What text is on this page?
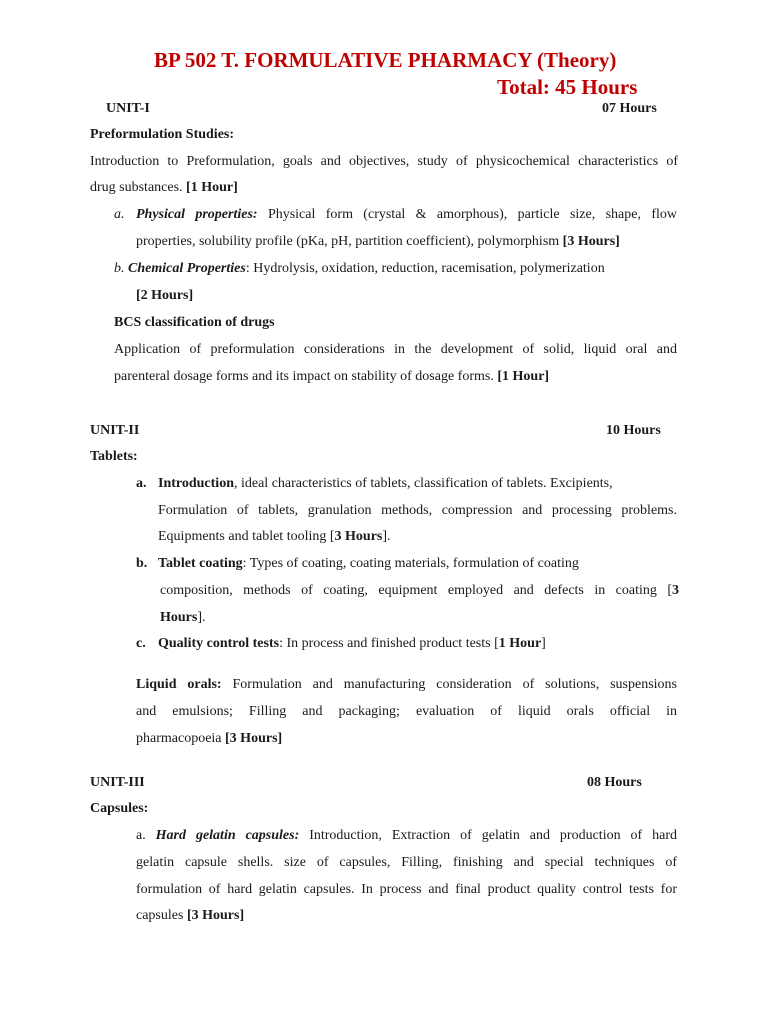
BP 502 T. FORMULATIVE PHARMACY (Theory)
Total: 45 Hours
UNIT-I	07 Hours
Preformulation Studies:
Introduction to Preformulation, goals and objectives, study of physicochemical characteristics of
drug substances. [1 Hour]
a. Physical properties: Physical form (crystal & amorphous), particle size, shape, flow
properties, solubility profile (pKa, pH, partition coefficient), polymorphism [3 Hours]
b. Chemical Properties: Hydrolysis, oxidation, reduction, racemisation, polymerization
[2 Hours]
BCS classification of drugs
Application of preformulation considerations in the development of solid, liquid oral and
parenteral dosage forms and its impact on stability of dosage forms. [1 Hour]
UNIT-II	10 Hours
Tablets:
a. Introduction, ideal characteristics of tablets, classification of tablets. Excipients,
Formulation of tablets, granulation methods, compression and processing problems.
Equipments and tablet tooling [3 Hours].
b. Tablet coating: Types of coating, coating materials, formulation of coating
composition, methods of coating, equipment employed and defects in coating [3
Hours].
c. Quality control tests: In process and finished product tests [1 Hour]
Liquid orals: Formulation and manufacturing consideration of solutions, suspensions
and emulsions; Filling and packaging; evaluation of liquid orals official in
pharmacopoeia [3 Hours]
UNIT-III	08 Hours
Capsules:
a. Hard gelatin capsules: Introduction, Extraction of gelatin and production of hard
gelatin capsule shells. size of capsules, Filling, finishing and special techniques of
formulation of hard gelatin capsules. In process and final product quality control tests for
capsules [3 Hours]
